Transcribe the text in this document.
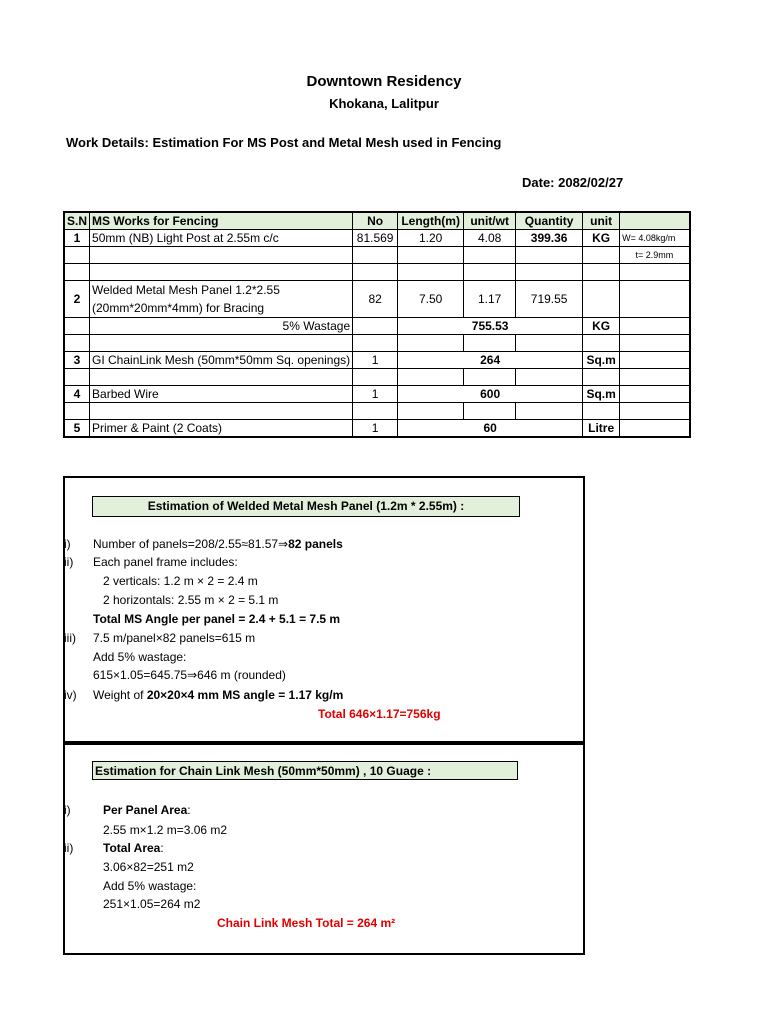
Downtown Residency
Khokana, Lalitpur
Work Details: Estimation For MS Post and Metal Mesh used in Fencing
Date: 2082/02/27
S.N	MS Works for Fencing	No	Length(m)	unit/wt	Quantity	unit	
1	50mm (NB) Light Post at 2.55m c/c	81.569	1.20	4.08	399.36	KG	W= 4.08kg/m
							t= 2.9mm

2	Welded Metal Mesh Panel 1.2*2.55
(20mm*20mm*4mm) for Bracing	82	7.50	1.17	719.55		
	5% Wastage		755.53			KG	

3	GI ChainLink Mesh (50mm*50mm Sq. openings)	1	264			Sq.m	

4	Barbed Wire	1	600			Sq.m	

5	Primer & Paint (2 Coats)	1	60			Litre	
Estimation of Welded Metal Mesh Panel (1.2m * 2.55m) :
i) Number of panels=208/2.55≈81.57⇒82 panels
ii) Each panel frame includes:
2 verticals: 1.2 m × 2 = 2.4 m
2 horizontals: 2.55 m × 2 = 5.1 m
Total MS Angle per panel = 2.4 + 5.1 = 7.5 m
iii) 7.5 m/panel×82 panels=615 m
Add 5% wastage:
615×1.05=645.75⇒646 m (rounded)
iv) Weight of 20×20×4 mm MS angle = 1.17 kg/m
Total 646×1.17=756kg
Estimation for Chain Link Mesh (50mm*50mm) , 10 Guage :
i)	Per Panel Area:
2.55 m×1.2 m=3.06 m2
ii) Total Area:
3.06×82=251 m2
Add 5% wastage:
251×1.05=264 m2
Chain Link Mesh Total = 264 m²
